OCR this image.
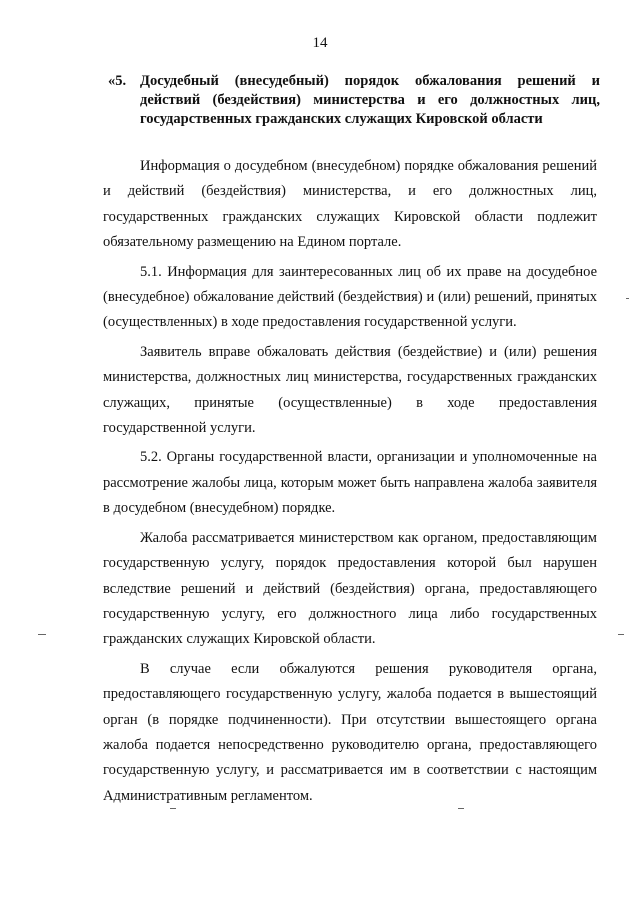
14
«5. Досудебный (внесудебный) порядок обжалования решений и действий (бездействия) министерства и его должностных лиц, государственных гражданских служащих Кировской области

Информация о досудебном (внесудебном) порядке обжалования решений и действий (бездействия) министерства, и его должностных лиц, государственных гражданских служащих Кировской области подлежит обязательному размещению на Едином портале.

5.1. Информация для заинтересованных лиц об их праве на досудебное (внесудебное) обжалование действий (бездействия) и (или) решений, принятых (осуществленных) в ходе предоставления государственной услуги.

Заявитель вправе обжаловать действия (бездействие) и (или) решения министерства, должностных лиц министерства, государственных гражданских служащих, принятые (осуществленные) в ходе предоставления государственной услуги.

5.2. Органы государственной власти, организации и уполномоченные на рассмотрение жалобы лица, которым может быть направлена жалоба заявителя в досудебном (внесудебном) порядке.

Жалоба рассматривается министерством как органом, предоставляющим государственную услугу, порядок предоставления которой был нарушен вследствие решений и действий (бездействия) органа, предоставляющего государственную услугу, его должностного лица либо государственных гражданских служащих Кировской области.

В случае если обжалуются решения руководителя органа, предоставляющего государственную услугу, жалоба подается в вышестоящий орган (в порядке подчиненности). При отсутствии вышестоящего органа жалоба подается непосредственно руководителю органа, предоставляющего государственную услугу, и рассматривается им в соответствии с настоящим Административным регламентом.
